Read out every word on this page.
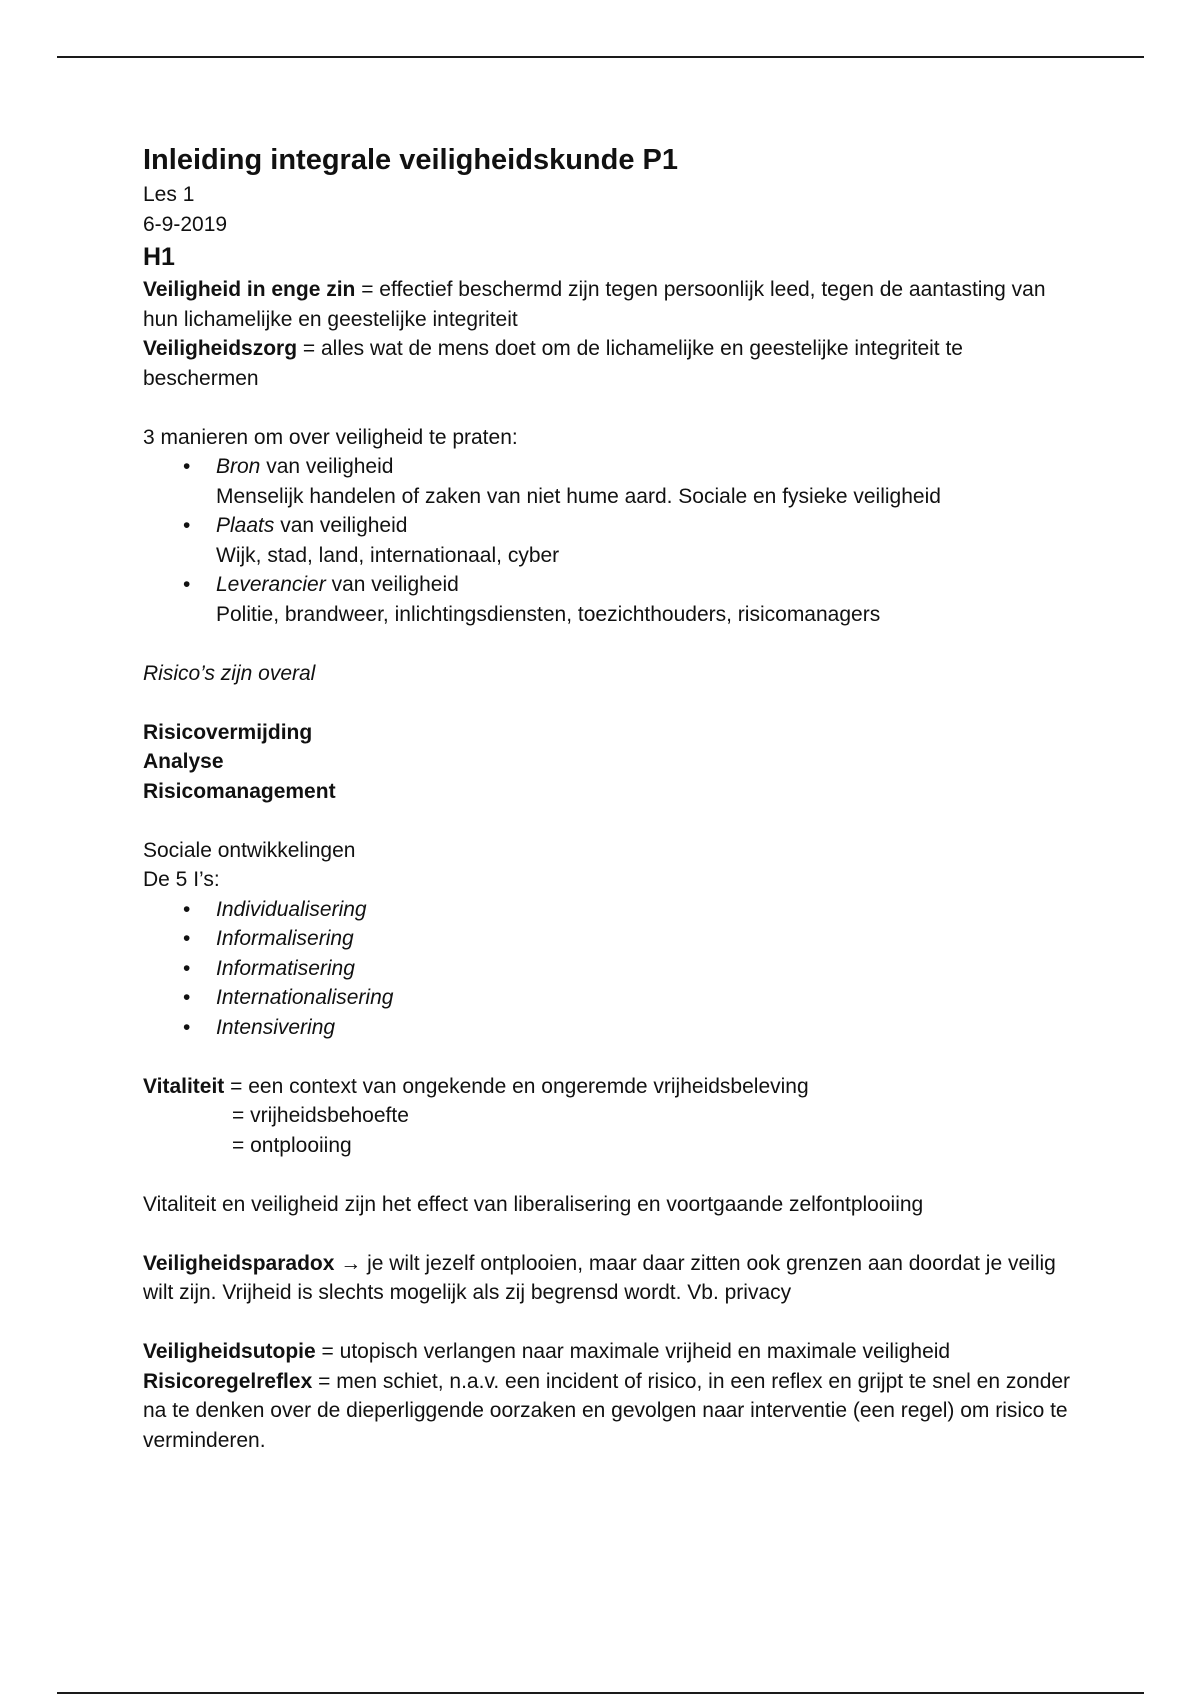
Inleiding integrale veiligheidskunde P1

Les 1

6-9-2019

H1

Veiligheid in enge zin = effectief beschermd zijn tegen persoonlijk leed, tegen de aantasting van hun lichamelijke en geestelijke integriteit

Veiligheidszorg = alles wat de mens doet om de lichamelijke en geestelijke integriteit te beschermen

3 manieren om over veiligheid te praten:

• Bron van veiligheid
Menselijk handelen of zaken van niet hume aard. Sociale en fysieke veiligheid
• Plaats van veiligheid
Wijk, stad, land, internationaal, cyber
• Leverancier van veiligheid
Politie, brandweer, inlichtingsdiensten, toezichthouders, risicomanagers

Risico’s zijn overal

Risicovermijding

Analyse

Risicomanagement

Sociale ontwikkelingen

De 5 I’s:

• Individualisering
• Informalisering
• Informatisering
• Internationalisering
• Intensivering

Vitaliteit = een context van ongekende en ongeremde vrijheidsbeleving

= vrijheidsbehoefte

= ontplooiing

Vitaliteit en veiligheid zijn het effect van liberalisering en voortgaande zelfontplooiing

Veiligheidsparadox → je wilt jezelf ontplooien, maar daar zitten ook grenzen aan doordat je veilig wilt zijn. Vrijheid is slechts mogelijk als zij begrensd wordt. Vb. privacy

Veiligheidsutopie = utopisch verlangen naar maximale vrijheid en maximale veiligheid

Risicoregelreflex = men schiet, n.a.v. een incident of risico, in een reflex en grijpt te snel en zonder na te denken over de dieperliggende oorzaken en gevolgen naar interventie (een regel) om risico te verminderen.
